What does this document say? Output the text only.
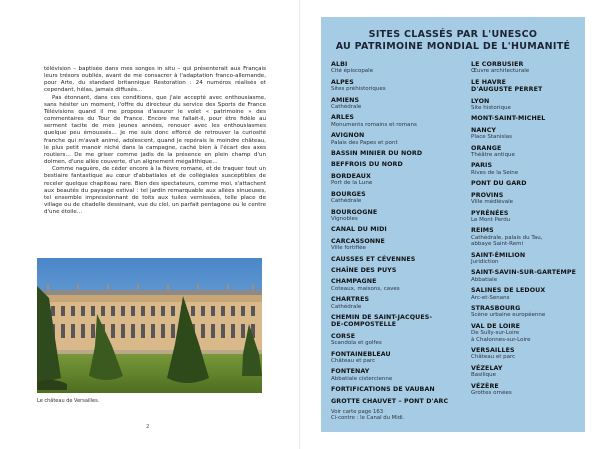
télévision – baptisée dans mes songes in situ – qui présenterait aux Français leurs trésors oubliés, avant de me consacrer à l'adaptation franco-allemande, pour Arte, du standard britannique Restoration : 24 numéros réalisés et cependant, hélas, jamais diffusés…

Pas étonnant, dans ces conditions, que j'aie accepté avec enthousiasme, sans hésiter un moment, l'offre du directeur du service des Sports de France Télévisions quand il me proposa d'assurer le volet « patrimoine » des commentaires du Tour de France. Encore me fallait-il, pour être fidèle au serment tacite de mes jeunes années, renouer avec les enthousiasmes quelque peu émoussés… Je me suis donc efforcé de retrouver la curiosité franche qui m'avait animé, adolescent, quand je repérais le moindre château, le plus petit manoir niché dans la campagne, caché bien à l'écart des axes routiers… De me griser comme jadis de la présence en plein champ d'un dolmen, d'une allée couverte, d'un alignement mégalithique…

Comme naguère, de céder encore à la fièvre romane, et de traquer tout un bestiaire fantastique au cœur d'abbatiales et de collégiales susceptibles de receler quelque chapiteau rare. Bien des spectateurs, comme moi, s'attachent aux beautés du paysage estival : tel jardin remarquable aux allées sinueuses, tel ensemble impressionnant de toits aux tuiles vernissées, telle place de village ou de citadelle dessinant, vue du ciel, un parfait pentagone ou le centre d'une étoile…

Le château de Versailles.
2
SITES CLASSÉS PAR L'UNESCO
AU PATRIMOINE MONDIAL DE L'HUMANITÉ
ALBI
Cité épiscopale
ALPES
Sites préhistoriques
AMIENS
Cathédrale
ARLES
Monuments romains et romans
AVIGNON
Palais des Papes et pont
BASSIN MINIER DU NORD
BEFFROIS DU NORD
BORDEAUX
Port de la Lune
BOURGES
Cathédrale
BOURGOGNE
Vignobles
CANAL DU MIDI
CARCASSONNE
Ville fortifiée
CAUSSES ET CÉVENNES
CHAÎNE DES PUYS
CHAMPAGNE
Coteaux, maisons, caves
CHARTRES
Cathédrale
CHEMIN DE SAINT-JACQUES-
DE-COMPOSTELLE
CORSE
Scandola et golfes
FONTAINEBLEAU
Château et parc
FONTENAY
Abbatiale cistercienne
FORTIFICATIONS DE VAUBAN
GROTTE CHAUVET – PONT D'ARC
Voir carte page 163
Ci-contre : le Canal du Midi.
LE CORBUSIER
Œuvre architecturale
LE HAVRE
D'AUGUSTE PERRET
LYON
Site historique
MONT-SAINT-MICHEL
NANCY
Place Stanislas
ORANGE
Théâtre antique
PARIS
Rives de la Seine
PONT DU GARD
PROVINS
Ville médiévale
PYRÉNÉES
Le Mont Perdu
REIMS
Cathédrale, palais du Tau,
abbaye Saint-Remi
SAINT-ÉMILION
Juridiction
SAINT-SAVIN-SUR-GARTEMPE
Abbatiale
SALINES DE LEDOUX
Arc-et-Senans
STRASBOURG
Scène urbaine européenne
VAL DE LOIRE
De Sully-sur-Loire
à Chalonnes-sur-Loire
VERSAILLES
Château et parc
VÉZELAY
Basilique
VÉZÈRE
Grottes ornées
